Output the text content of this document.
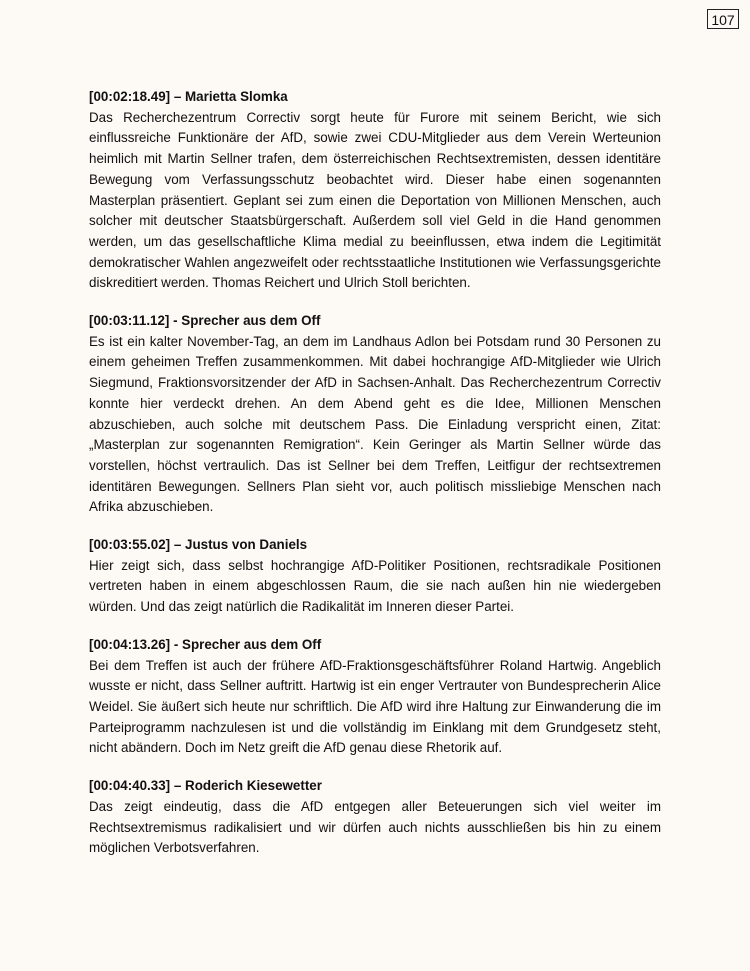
107
[00:02:18.49] – Marietta Slomka
Das Recherchezentrum Correctiv sorgt heute für Furore mit seinem Bericht, wie sich einflussreiche Funktionäre der AfD, sowie zwei CDU-Mitglieder aus dem Verein Werteunion heimlich mit Martin Sellner trafen, dem österreichischen Rechtsextremisten, dessen identitäre Bewegung vom Verfassungsschutz beobachtet wird. Dieser habe einen sogenannten Masterplan präsentiert. Geplant sei zum einen die Deportation von Millionen Menschen, auch solcher mit deutscher Staatsbürgerschaft. Außerdem soll viel Geld in die Hand genommen werden, um das gesellschaftliche Klima medial zu beeinflussen, etwa indem die Legitimität demokratischer Wahlen angezweifelt oder rechtsstaatliche Institutionen wie Verfassungsgerichte diskreditiert werden. Thomas Reichert und Ulrich Stoll berichten.
[00:03:11.12] - Sprecher aus dem Off
Es ist ein kalter November-Tag, an dem im Landhaus Adlon bei Potsdam rund 30 Personen zu einem geheimen Treffen zusammenkommen. Mit dabei hochrangige AfD-Mitglieder wie Ulrich Siegmund, Fraktionsvorsitzender der AfD in Sachsen-Anhalt. Das Recherchezentrum Correctiv konnte hier verdeckt drehen. An dem Abend geht es die Idee, Millionen Menschen abzuschieben, auch solche mit deutschem Pass. Die Einladung verspricht einen, Zitat: „Masterplan zur sogenannten Remigration“. Kein Geringer als Martin Sellner würde das vorstellen, höchst vertraulich. Das ist Sellner bei dem Treffen, Leitfigur der rechtsextremen identitären Bewegungen. Sellners Plan sieht vor, auch politisch missliebige Menschen nach Afrika abzuschieben.
[00:03:55.02] – Justus von Daniels
Hier zeigt sich, dass selbst hochrangige AfD-Politiker Positionen, rechtsradikale Positionen vertreten haben in einem abgeschlossen Raum, die sie nach außen hin nie wiedergeben würden. Und das zeigt natürlich die Radikalität im Inneren dieser Partei.
[00:04:13.26] - Sprecher aus dem Off
Bei dem Treffen ist auch der frühere AfD-Fraktionsgeschäftsführer Roland Hartwig. Angeblich wusste er nicht, dass Sellner auftritt. Hartwig ist ein enger Vertrauter von Bundesprecherin Alice Weidel. Sie äußert sich heute nur schriftlich. Die AfD wird ihre Haltung zur Einwanderung die im Parteiprogramm nachzulesen ist und die vollständig im Einklang mit dem Grundgesetz steht, nicht abändern. Doch im Netz greift die AfD genau diese Rhetorik auf.
[00:04:40.33] – Roderich Kiesewetter
Das zeigt eindeutig, dass die AfD entgegen aller Beteuerungen sich viel weiter im Rechtsextremismus radikalisiert und wir dürfen auch nichts ausschließen bis hin zu einem möglichen Verbotsverfahren.
